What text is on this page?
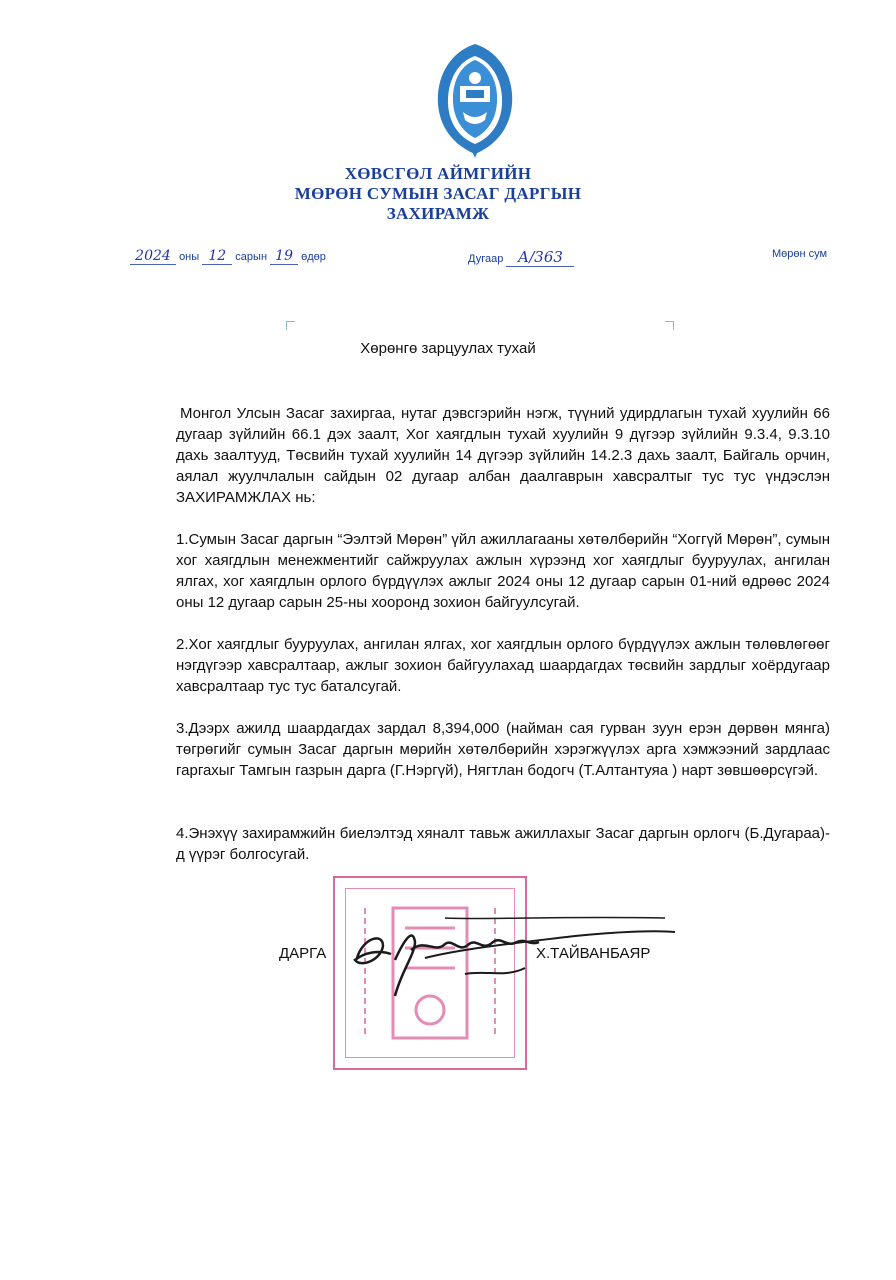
ХӨВСГӨЛ АЙМГИЙН
МӨРӨН СУМЫН ЗАСАГ ДАРГЫН
ЗАХИРАМЖ
2024 оны 12 сарын 19 өдөр	Дугаар А/363	Мөрөн сум
Хөрөнгө зарцуулах тухай
Монгол Улсын Засаг захиргаа, нутаг дэвсгэрийн нэгж, түүний удирдлагын тухай хуулийн 66 дугаар зүйлийн 66.1 дэх заалт, Хог хаягдлын тухай хуулийн 9 дүгээр зүйлийн 9.3.4, 9.3.10 дахь заалтууд, Төсвийн тухай хуулийн 14 дүгээр зүйлийн 14.2.3 дахь заалт, Байгаль орчин, аялал жуулчлалын сайдын 02 дугаар албан даалгаврын хавсралтыг тус тус үндэслэн ЗАХИРАМЖЛАХ нь:
1.Сумын Засаг даргын “Ээлтэй Мөрөн” үйл ажиллагааны хөтөлбөрийн “Хоггүй Мөрөн”, сумын хог хаягдлын менежментийг сайжруулах ажлын хүрээнд хог хаягдлыг бууруулах, ангилан ялгах, хог хаягдлын орлого бүрдүүлэх ажлыг 2024 оны 12 дугаар сарын 01-ний өдрөөс 2024 оны 12 дугаар сарын 25-ны хооронд зохион байгуулсугай.
2.Хог хаягдлыг бууруулах, ангилан ялгах, хог хаягдлын орлого бүрдүүлэх ажлын төлөвлөгөөг нэгдүгээр хавсралтаар, ажлыг зохион байгуулахад шаардагдах төсвийн зардлыг хоёрдугаар хавсралтаар тус тус баталсугай.
3.Дээрх ажилд шаардагдах зардал 8,394,000 (найман сая гурван зуун ерэн дөрвөн мянга) төгрөгийг сумын Засаг даргын мөрийн хөтөлбөрийн хэрэгжүүлэх арга хэмжээний зардлаас гаргахыг Тамгын газрын дарга (Г.Нэргүй), Нягтлан бодогч (Т.Алтантуяа ) нарт зөвшөөрсүгэй.
4.Энэхүү захирамжийн биелэлтэд хяналт тавьж ажиллахыг Засаг даргын орлогч (Б.Дугараа)-д үүрэг болгосугай.
ДАРГА	Х.ТАЙВАНБАЯР
